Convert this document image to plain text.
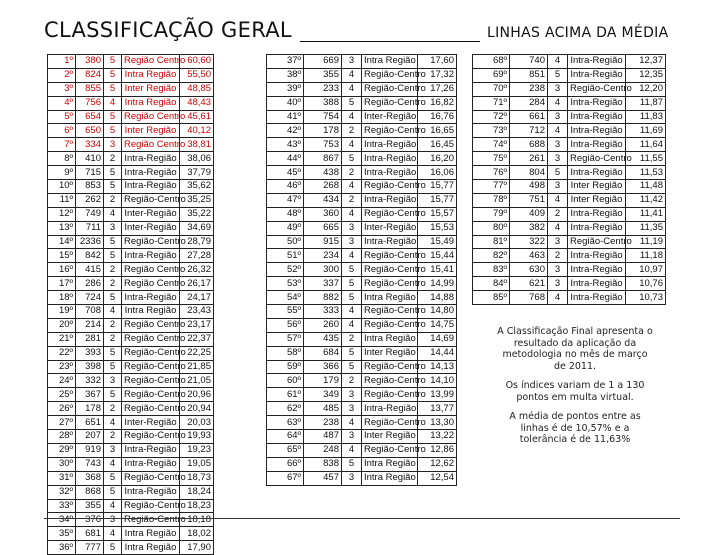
CLASSIFICAÇÃO GERAL	LINHAS ACIMA DA MÉDIA
1º	380	5	Região Centro	60,60
2º	824	5	Intra Região	55,50
3º	855	5	Inter Região	48,85
4º	756	4	Intra Região	48,43
5º	654	5	Região Centro	45,61
6º	650	5	Inter Região	40,12
7º	334	3	Região Centro	38,81
8º	410	2	Intra-Região	38,06
9º	715	5	Intra-Região	37,79
10º	853	5	Intra-Região	35,62
11º	262	2	Região-Centro	35,25
12º	749	4	Inter-Região	35,22
13º	711	3	Inter-Região	34,69
14º	2336	5	Região-Centro	28,79
15º	842	5	Intra-Região	27,28
16º	415	2	Região Centro	26,32
17º	286	2	Região Centro	26,17
18º	724	5	Intra-Região	24,17
19º	708	4	Intra Região	23,43
20º	214	2	Região Centro	23,17
21º	281	2	Região Centro	22,37
22º	393	5	Região-Centro	22,25
23º	398	5	Região-Centro	21,85
24º	332	3	Região-Centro	21,05
25º	367	5	Região-Centro	20,96
26º	178	2	Região-Centro	20,94
27º	651	4	Inter-Região	20,03
28º	207	2	Região-Centro	19,93
29º	919	3	Intra-Região	19,23
30º	743	4	Intra-Região	19,05
31º	368	5	Região-Centro	18,73
32º	868	5	Intra-Região	18,24
33º	355	4	Região-Centro	18,23
34º	376	3	Região-Centro	18,18
35º	681	4	Intra Região	18,02
36º	777	5	Intra Região	17,90
37º	669	3	Intra Região	17,60
38º	355	4	Região-Centro	17,32
39º	233	4	Região-Centro	17,26
40º	388	5	Região-Centro	16,82
41º	754	4	Inter-Região	16,76
42º	178	2	Região-Centro	16,65
43º	753	4	Intra-Região	16,45
44º	867	5	Intra-Região	16,20
45º	438	2	Intra-Região	16,06
46º	268	4	Região-Centro	15,77
47º	434	2	Intra-Região	15,77
48º	360	4	Região-Centro	15,57
49º	665	3	Inter-Região	15,53
50º	915	3	Intra-Região	15,49
51º	234	4	Região-Centro	15,44
52º	300	5	Região-Centro	15,41
53º	337	5	Região-Centro	14,99
54º	882	5	Intra Região	14,88
55º	333	4	Região-Centro	14,80
56º	260	4	Região-Centro	14,75
57º	435	2	Intra Região	14,69
58º	684	5	Inter Região	14,44
59º	366	5	Região-Centro	14,13
60º	179	2	Região-Centro	14,10
61º	349	3	Região-Centro	13,99
62º	485	3	Intra-Região	13,77
63º	238	4	Região-Centro	13,30
64º	487	3	Inter Região	13,22
65º	248	4	Região-Centro	12,86
66º	838	5	Intra Região	12,62
67º	457	3	Intra Região	12,54
68º	740	4	Intra-Região	12,37
69º	851	5	Intra-Região	12,35
70º	238	3	Região-Centro	12,20
71º	284	4	Intra-Região	11,87
72º	661	3	Intra-Região	11,83
73º	712	4	Intra-Região	11,69
74º	688	3	Intra-Região	11,64
75º	261	3	Região-Centro	11,55
76º	804	5	Intra-Região	11,53
77º	498	3	Inter Região	11,48
78º	751	4	Inter Região	11,42
79º	409	2	Intra-Região	11,41
80º	382	4	Intra-Região	11,35
81º	322	3	Região-Centro	11,19
82º	463	2	Intra-Região	11,18
83º	630	3	Intra-Região	10,97
84º	621	3	Intra-Região	10,76
85º	768	4	Intra-Região	10,73

A Classificação Final apresenta o resultado da aplicação da metodologia no mês de março de 2011.

Os índices variam de 1 a 130 pontos em multa virtual.

A média de pontos entre as linhas é de 10,57% e a tolerância é de 11,63%
